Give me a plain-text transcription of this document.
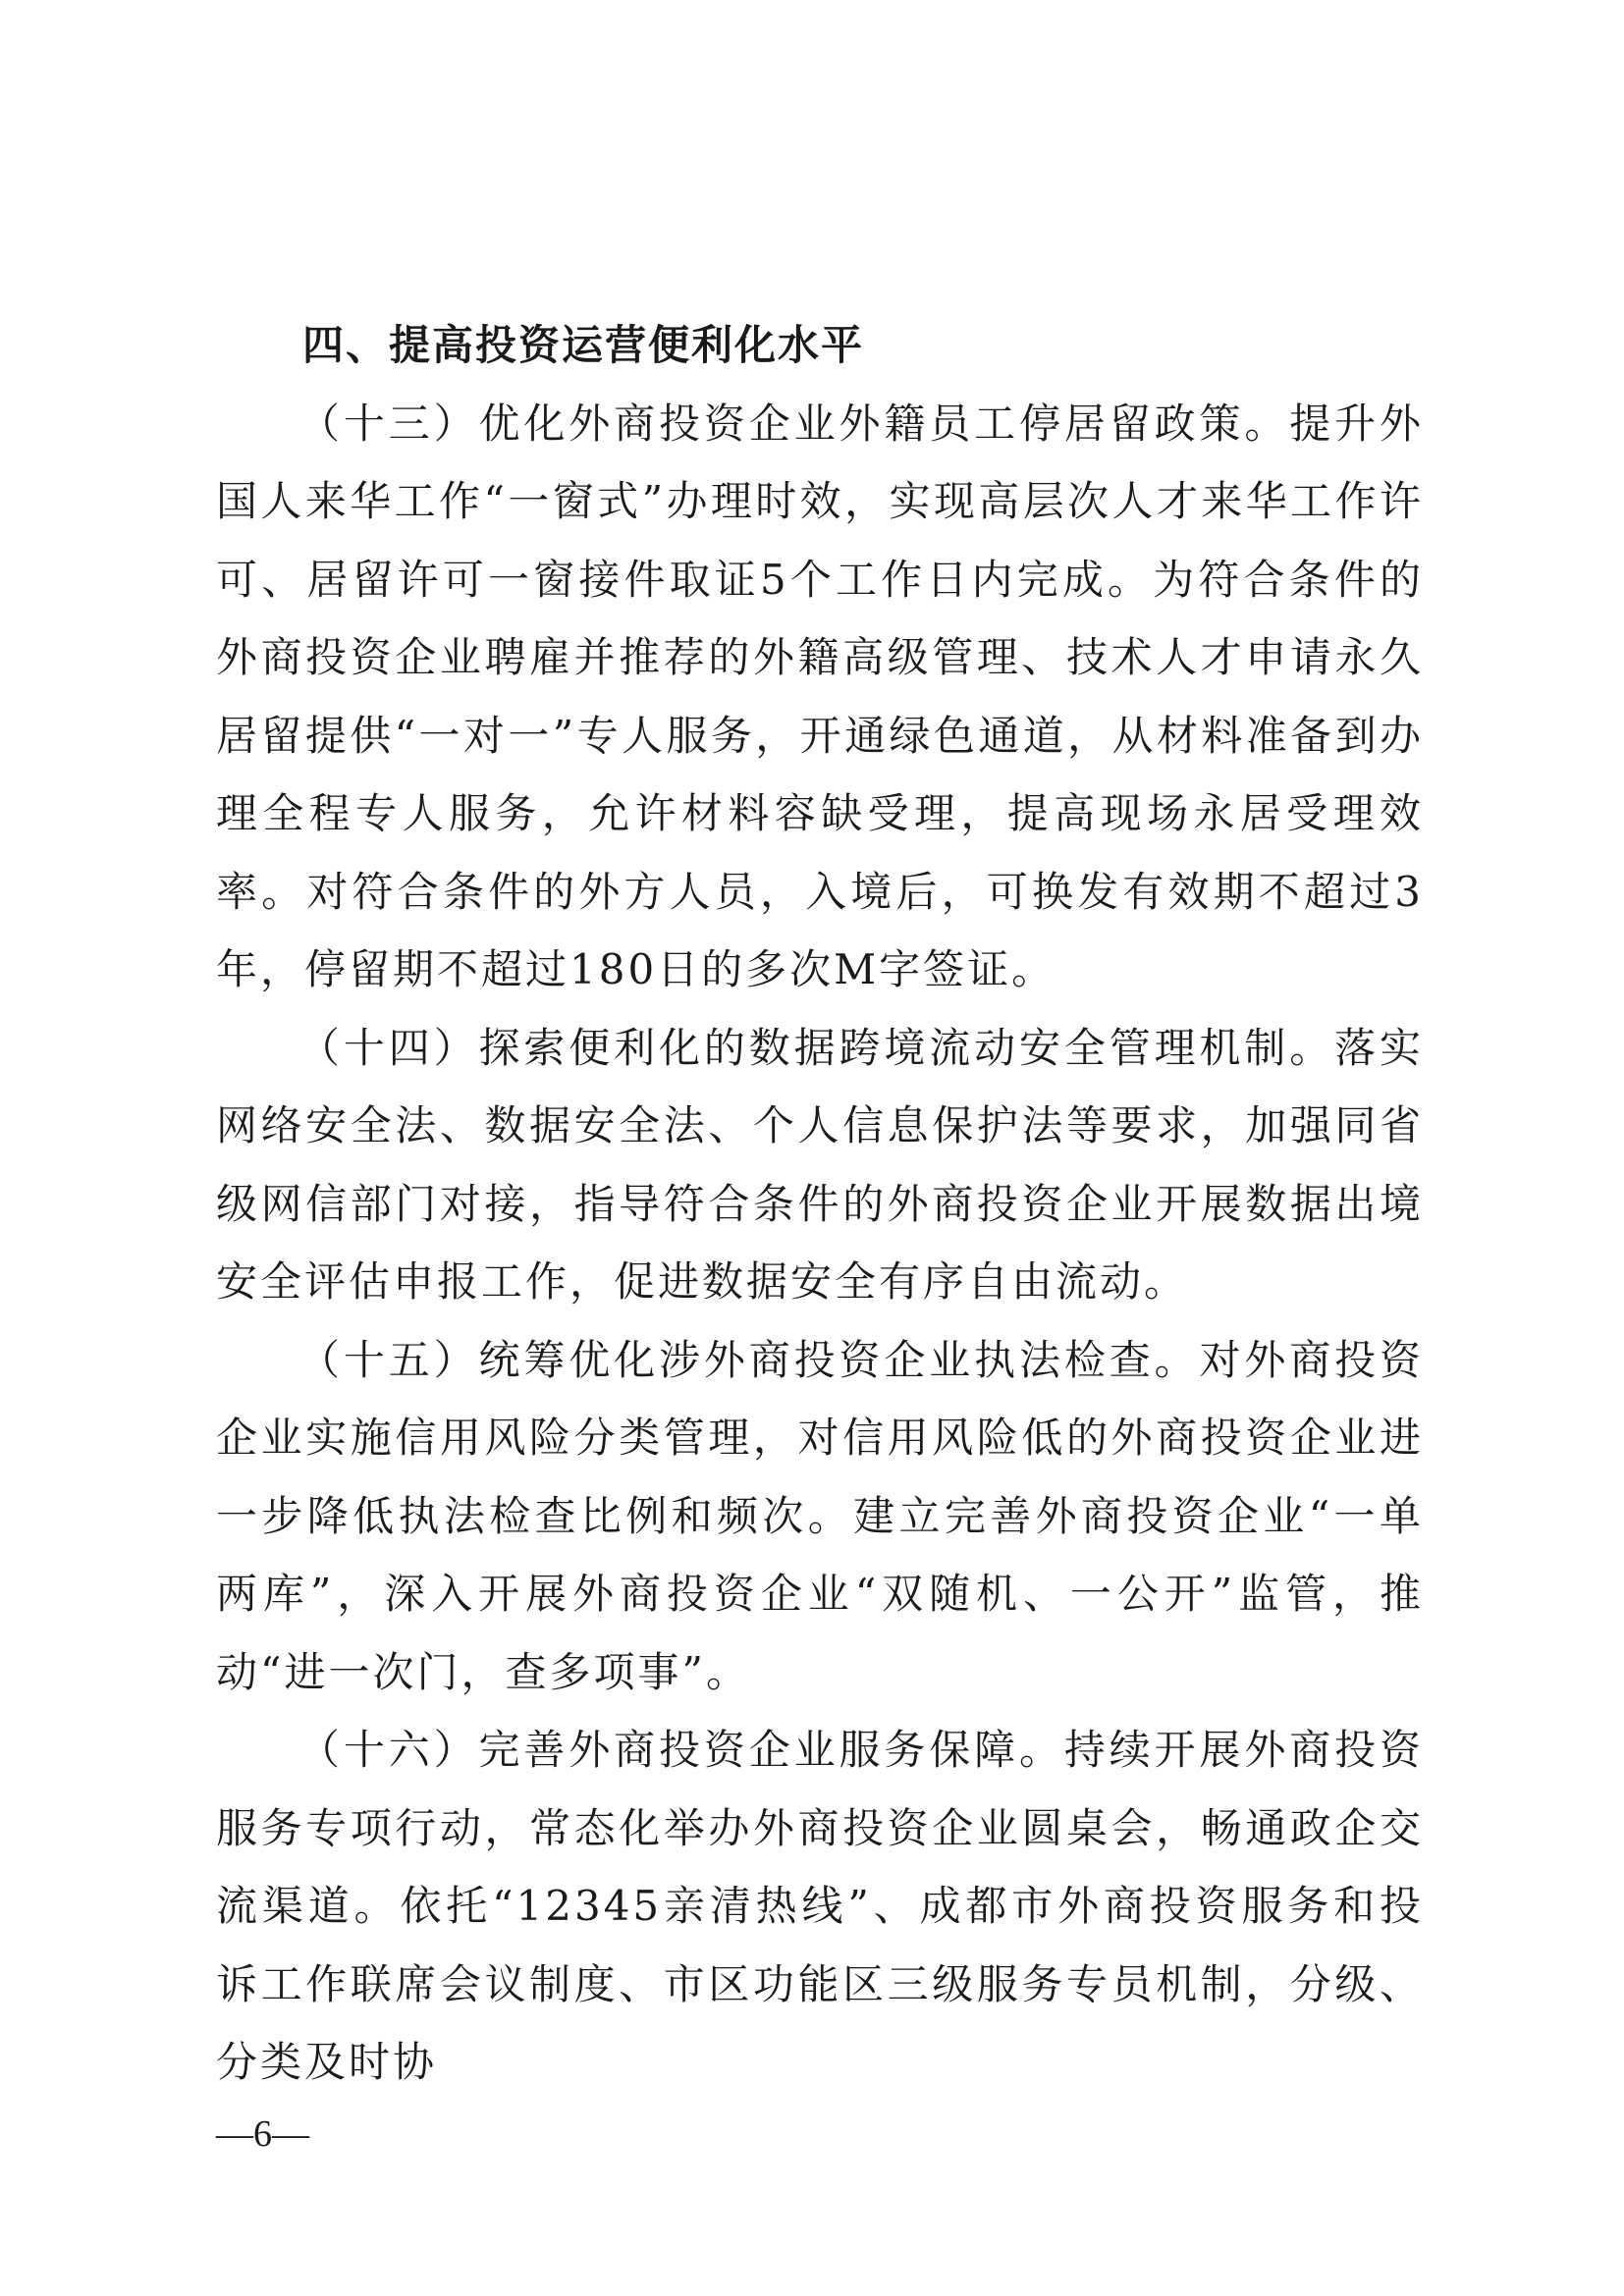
四、提高投资运营便利化水平

（十三）优化外商投资企业外籍员工停居留政策。提升外国人来华工作“一窗式”办理时效，实现高层次人才来华工作许可、居留许可一窗接件取证5个工作日内完成。为符合条件的外商投资企业聘雇并推荐的外籍高级管理、技术人才申请永久居留提供“一对一”专人服务，开通绿色通道，从材料准备到办理全程专人服务，允许材料容缺受理，提高现场永居受理效率。对符合条件的外方人员，入境后，可换发有效期不超过3年，停留期不超过180日的多次M字签证。

（十四）探索便利化的数据跨境流动安全管理机制。落实网络安全法、数据安全法、个人信息保护法等要求，加强同省级网信部门对接，指导符合条件的外商投资企业开展数据出境安全评估申报工作，促进数据安全有序自由流动。

（十五）统筹优化涉外商投资企业执法检查。对外商投资企业实施信用风险分类管理，对信用风险低的外商投资企业进一步降低执法检查比例和频次。建立完善外商投资企业“一单两库”，深入开展外商投资企业“双随机、一公开”监管，推动“进一次门，查多项事”。

（十六）完善外商投资企业服务保障。持续开展外商投资服务专项行动，常态化举办外商投资企业圆桌会，畅通政企交流渠道。依托“12345亲清热线”、成都市外商投资服务和投诉工作联席会议制度、市区功能区三级服务专员机制，分级、分类及时协

—6—
